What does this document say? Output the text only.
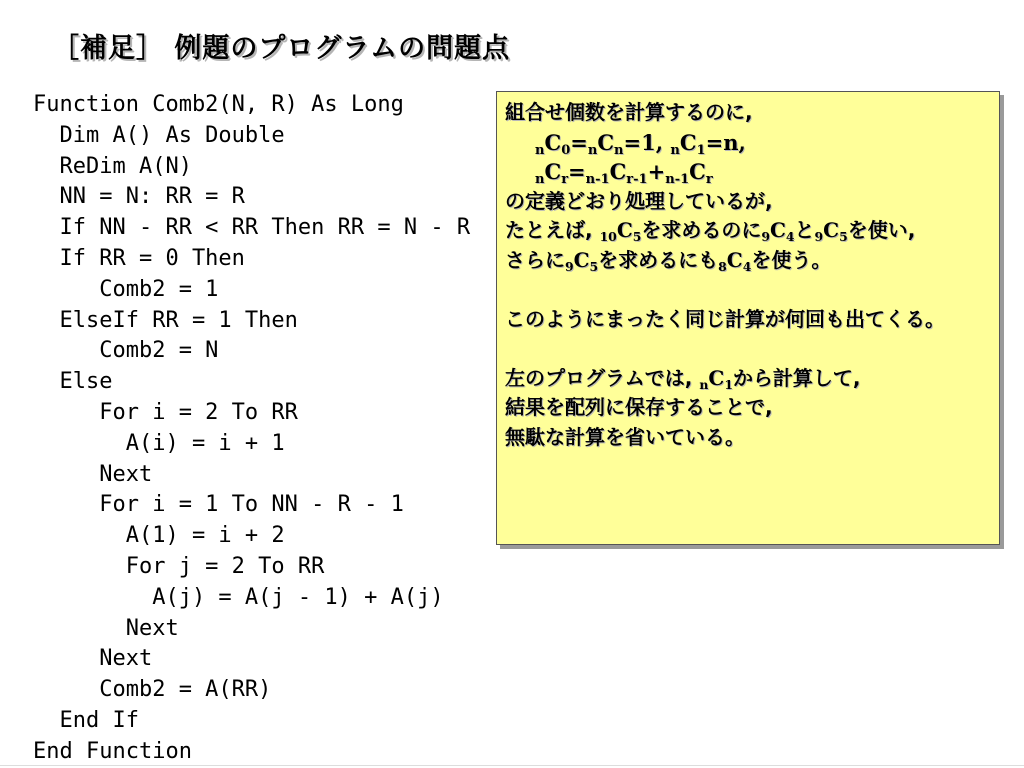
［補足］ 例題のプログラムの問題点
Function Comb2(N, R) As Long
Dim A() As Double
ReDim A(N)
NN = N: RR = R
If NN - RR < RR Then RR = N - R
If RR = 0 Then
Comb2 = 1
ElseIf RR = 1 Then
Comb2 = N
Else
For i = 2 To RR
A(i) = i + 1
Next
For i = 1 To NN - R - 1
A(1) = i + 2
For j = 2 To RR
A(j) = A(j - 1) + A(j)
Next
Next
Comb2 = A(RR)
End If
End Function
組合せ個数を計算するのに,
$_nC_0=_nC_n=1$, $_nC_1=n$,
$_nC_r=_{n-1}C_{r-1}+_{n-1}C_r$
の定義どおり処理しているが,
たとえば, $_{10}C_5$を求めるのに$_9C_4$と$_9C_5$を使い,
さらに$_9C_5$を求めるにも$_8C_4$を使う。
このようにまったく同じ計算が何回も出てくる。
左のプログラムでは, $_nC_1$から計算して,
結果を配列に保存することで,
無駄な計算を省いている。
